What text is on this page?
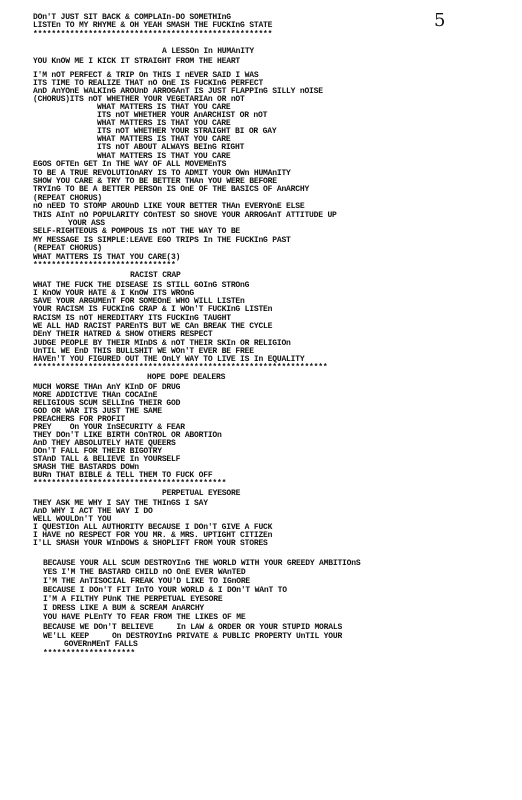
5
DOn'T JUST SIT BACK & COMPLAIn-DO SOMETHInG
LISTEn TO MY RHYME & OH YEAH SMASH THE FUCKInG STATE
****************************************************
A LESSOn In HUMAnITY
YOU KnOW ME I KICK IT STRAIGHT FROM THE HEART
I'M nOT PERFECT & TRIP On THIS I nEVER SAID I WAS
ITS TIME TO REALIZE THAT nO OnE IS FUCKInG PERFECT
AnD AnYOnE WALKInG AROUnD ARROGAnT IS JUST FLAPPInG SILLY nOISE
(CHORUS)ITS nOT WHETHER YOUR VEGETARIAn OR nOT
WHAT MATTERS IS THAT YOU CARE
ITS nOT WHETHER YOUR AnARCHIST OR nOT
WHAT MATTERS IS THAT YOU CARE
ITS nOT WHETHER YOUR STRAIGHT BI OR GAY
WHAT MATTERS IS THAT YOU CARE
ITS nOT ABOUT ALWAYS BEInG RIGHT
WHAT MATTERS IS THAT YOU CARE
EGOS OFTEn GET In THE WAY OF ALL MOVEMEnTS
TO BE A TRUE REVOLUTIOnARY IS TO ADMIT YOUR OWn HUMAnITY
SHOW YOU CARE & TRY TO BE BETTER THAn YOU WERE BEFORE
TRYInG TO BE A BETTER PERSOn IS OnE OF THE BASICS OF AnARCHY
(REPEAT CHORUS)
nO nEED TO STOMP AROUnD LIKE YOUR BETTER THAn EVERYOnE ELSE
THIS AInT nO POPULARITY COnTEST SO SHOVE YOUR ARROGAnT ATTITUDE UP
YOUR ASS
SELF-RIGHTEOUS & POMPOUS IS nOT THE WAY TO BE
MY MESSAGE IS SIMPLE:LEAVE EGO TRIPS In THE FUCKInG PAST
(REPEAT CHORUS)
WHAT MATTERS IS THAT YOU CARE(3)
*******************************
RACIST CRAP
WHAT THE FUCK THE DISEASE IS STILL GOInG STROnG
I KnOW YOUR HATE & I KnOW ITS WROnG
SAVE YOUR ARGUMEnT FOR SOMEOnE WHO WILL LISTEn
YOUR RACISM IS FUCKInG CRAP & I WOn'T FUCKInG LISTEn
RACISM IS nOT HEREDITARY ITS FUCKInG TAUGHT
WE ALL HAD RACIST PAREnTS BUT WE CAn BREAK THE CYCLE
DEnY THEIR HATRED & SHOW OTHERS RESPECT
JUDGE PEOPLE BY THEIR MInDS & nOT THEIR SKIn OR RELIGIOn
UnTIL WE EnD THIS BULLSHIT WE WOn'T EVER BE FREE
HAVEn'T YOU FIGURED OUT THE OnLY WAY TO LIVE IS In EQUALITY
****************************************************************
HOPE DOPE DEALERS
MUCH WORSE THAn AnY KInD OF DRUG
MORE ADDICTIVE THAn COCAInE
RELIGIOUS SCUM SELLInG THEIR GOD
GOD OR WAR ITS JUST THE SAME
PREACHERS FOR PROFIT
PREY    On YOUR InSECURITY & FEAR
THEY DOn'T LIKE BIRTH COnTROL OR ABORTIOn
AnD THEY ABSOLUTELY HATE QUEERS
DOn'T FALL FOR THEIR BIGOTRY
STAnD TALL & BELIEVE In YOURSELF
SMASH THE BASTARDS DOWn
BURn THAT BIBLE & TELL THEM TO FUCK OFF
******************************************
PERPETUAL EYESORE
THEY ASK ME WHY I SAY THE THInGS I SAY
AnD WHY I ACT THE WAY I DO
WELL WOULDn'T YOU
I QUESTIOn ALL AUTHORITY BECAUSE I DOn'T GIVE A FUCK
I HAVE nO RESPECT FOR YOU MR. & MRS. UPTIGHT CITIZEn
I'LL SMASH YOUR WInDOWS & SHOPLIFT FROM YOUR STORES
BECAUSE YOUR ALL SCUM DESTROYInG THE WORLD WITH YOUR GREEDY AMBITIOnS
YES I'M THE BASTARD CHILD nO OnE EVER WAnTED
I'M THE AnTISOCIAL FREAK YOU'D LIKE TO IGnORE
BECAUSE I DOn'T FIT InTO YOUR WORLD & I DOn'T WAnT TO
I'M A FILTHY PUnK THE PERPETUAL EYESORE
I DRESS LIKE A BUM & SCREAM AnARCHY
YOU HAVE PLEnTY TO FEAR FROM THE LIKES OF ME
BECAUSE WE DOn'T BELIEVE     In LAW & ORDER OR YOUR STUPID MORALS
WE'LL KEEP     On DESTROYInG PRIVATE & PUBLIC PROPERTY UnTIL YOUR
GOVERnMEnT FALLS
********************
